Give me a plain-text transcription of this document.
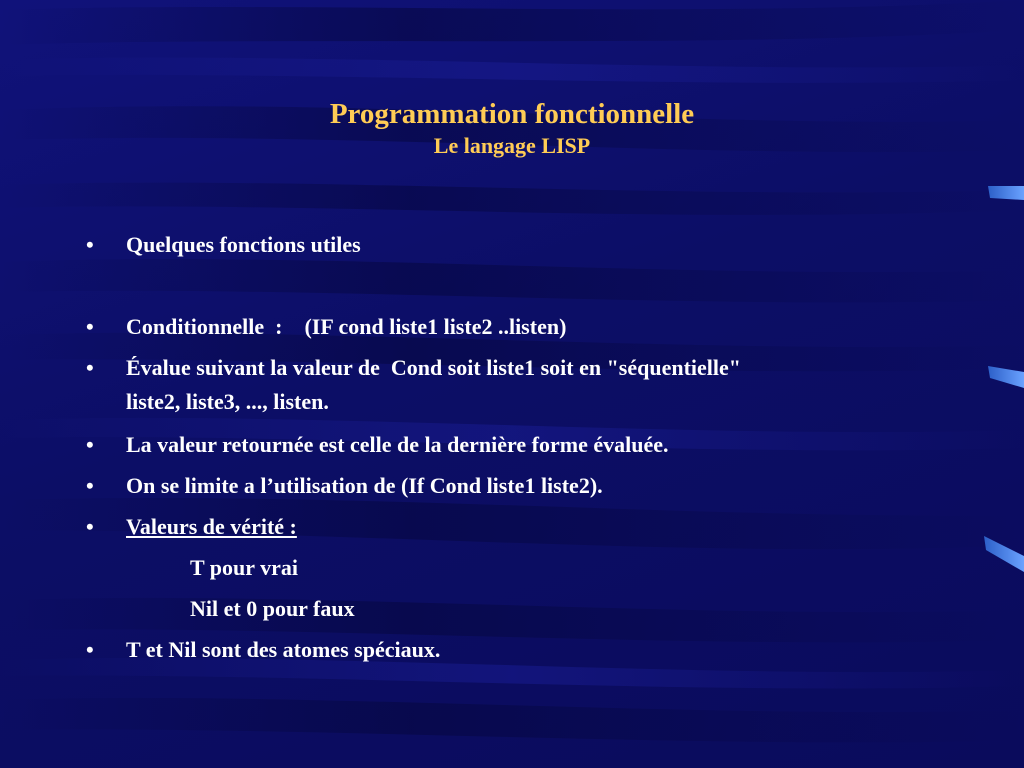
Programmation fonctionnelle
Le langage LISP
•	Quelques fonctions utiles
•	Conditionnelle  :    (IF cond liste1 liste2 ..listen)
•	Évalue suivant la valeur de  Cond soit liste1 soit en "séquentielle"
liste2, liste3, ..., listen.
•	La valeur retournée est celle de la dernière forme évaluée.
•	On se limite a l’utilisation de (If Cond liste1 liste2).
•	Valeurs de vérité :
T pour vrai
Nil et 0 pour faux
•	T et Nil sont des atomes spéciaux.
